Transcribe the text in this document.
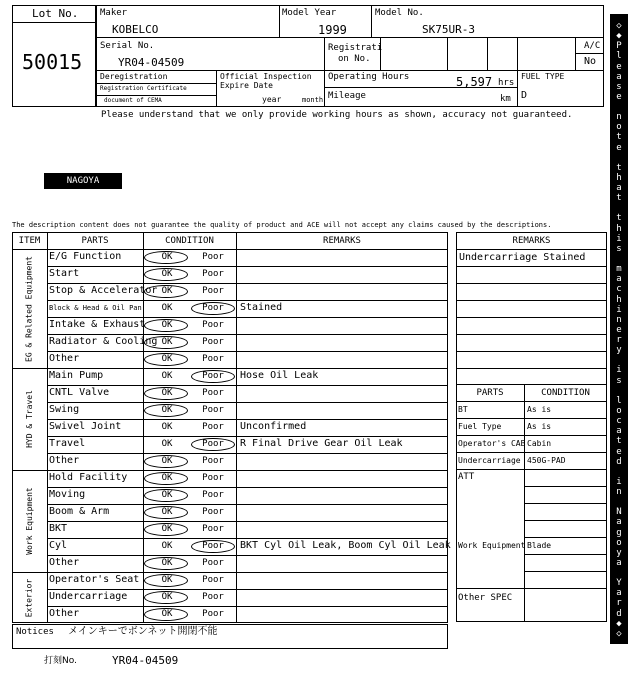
Lot No.
50015
Maker
KOBELCO
Model Year
1999
Model No.
SK75UR-3
Serial No.
YR04-04509
Registrati
on No.
A/C
No
Deregistration
Registration Certificate
document of CEMA
Official Inspection
Expire Date
year	month
Operating Hours	5,597 hrs
Mileage	km
FUEL TYPE
D
Please understand that we only provide working hours as shown, accuracy not guaranteed.
NAGOYA
The description content does not guarantee the quality of product and ACE will not accept any claims caused by the descriptions.
Notices メインキーでボンネット開閉不能
打刻No.	YR04-04509
ITEM	PARTS	CONDITION	REMARKS
EG & Related Equipment E/G Function	OK	Poor
Start	OK	Poor
Stop & Accelerator OK	Poor
Block & Head & Oil Pan	OK	Poor	Stained
Intake & Exhaust	OK	Poor
Radiator & Cooling OK	Poor
Other	OK	Poor
HYD & Travel
Main Pump	OK	Poor	Hose Oil Leak
CNTL Valve	OK	Poor
Swing	OK	Poor
Swivel Joint	OK	Poor	Unconfirmed
Travel	OK	Poor	R Final Drive Gear Oil Leak
Other	OK	Poor
Work Equipment
Hold Facility	OK	Poor
Moving	OK	Poor
Boom & Arm	OK	Poor
BKT	OK	Poor
Cyl	OK	Poor	BKT Cyl Oil Leak, Boom Cyl Oil Leak
Other	OK	Poor
Exterior Operator's Seat	OK	Poor
Undercarriage	OK	Poor
Other	OK	Poor
REMARKS
Undercarriage Stained
PARTS	CONDITION
BT	As is
Fuel Type	As is
Operator's CAB Cabin
Undercarriage 450G-PAD
ATT
Work Equipment Blade
Other SPEC
◇
◆
P
l
e
a
s
e
n
o
t
e
t
h
a
t
t
h
i
s
m
a
c
h
i
n
e
r
y
i
s
l
o
c
a
t
e
d
i
n
N
a
g
o
y
a
Y
a
r
d
◆
◇
